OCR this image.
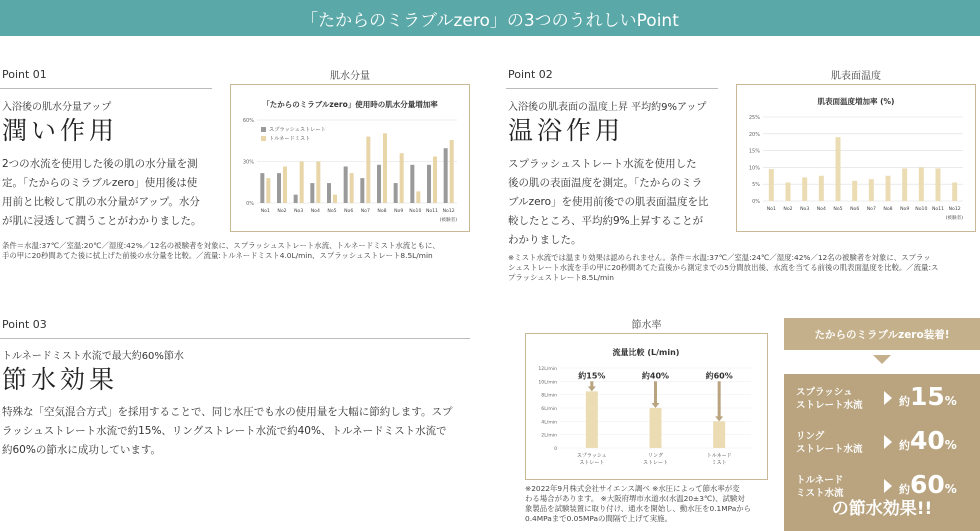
「たからのミラブルzero」の3つのうれしいPoint
Point 01
入浴後の肌水分量アップ
潤い作用
2つの水流を使用した後の肌の水分量を測
定。「たからのミラブルzero」使用後は使
用前と比較して肌の水分量がアップ。水分
が肌に浸透して潤うことがわかりました。
条件＝水温:37℃／室温:20℃／湿度:42%／12名の被験者を対象に、スプラッシュストレート水流、トルネードミスト水流ともに、
手の甲に20秒間あてた後に拭上げた前後の水分量を比較。／流量:トルネードミスト4.0L/min、スプラッシュストレート8.5L/min
肌水分量
「たからのミラブルzero」使用時の肌水分量増加率
0%
30%
60%
No1 No2 No3 No4 No5 No6 No7 No8 No9 No10 No11 No12
(被験者)
スプラッシュストレート
トルネードミスト
Point 02
入浴後の肌表面の温度上昇 平均約9%アップ
温浴作用
スプラッシュストレート水流を使用した
後の肌の表面温度を測定。「たからのミラ
ブルzero」を使用前後での肌表面温度を比
較したところ、平均約9%上昇することが
わかりました。
※ミスト水流では温まり効果は認められません。条件＝水温:37℃／室温:24℃／湿度:42%／12名の被験者を対象に、スプラッ
シュストレート水流を手の甲に20秒間あてた直後から測定までの5分間放出後、水流を当てる前後の肌表面温度を比較。／流量:ス
プラッシュストレート8.5L/min
肌表面温度
肌表面温度増加率 (%)
0%
5%
10%
15%
20%
25%
No1 No2 No3 No4 No5 No6 No7 No8 No9 No10 No11 No12
(被験者)
Point 03
トルネードミスト水流で最大約60%節水
節水効果
特殊な「空気混合方式」を採用することで、同じ水圧でも水の使用量を大幅に節約します。スプ
ラッシュストレート水流で約15%、リングストレート水流で約40%、トルネードミスト水流で
約60%の節水に成功しています。
節水率
流量比較 (L/min)
0
2L/min
4L/min
6L/min
8L/min
10L/min
12L/min
約15%
スプラッシュ
ストレート
約40%
リング
ストレート
約60%
トルネード
ミスト
※2022年9月株式会社サイエンス調べ ※水圧によって節水率が変
わる場合があります。 ※大阪府堺市水道水(水温20±3℃)、試験対
象製品を試験装置に取り付け、通水を開始し、動水圧を0.1MPaから
0.4MPaまで0.05MPaの間隔で上げて実施。
たからのミラブルzero装着!
スプラッシュ
ストレート水流	約15%
リング
ストレート水流	約40%
トルネード
ミスト水流	約60%
の節水効果!!
